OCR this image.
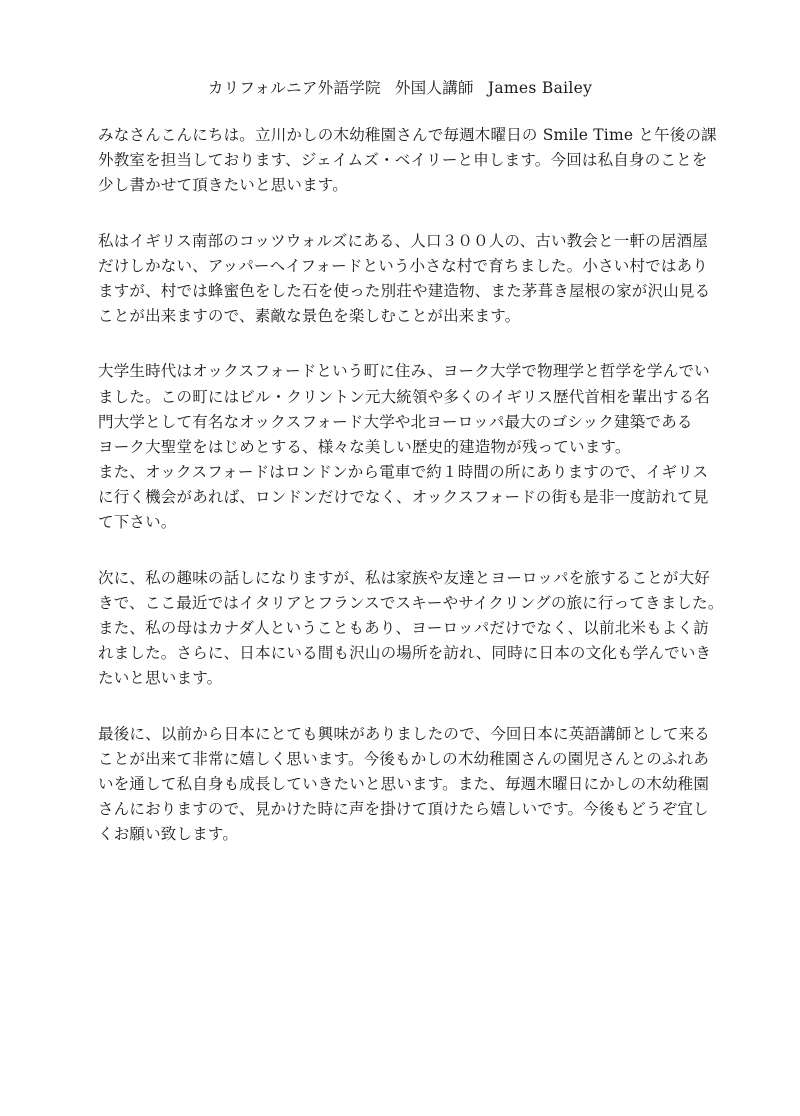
カリフォルニア外語学院 外国人講師 James Bailey
みなさんこんにちは。立川かしの木幼稚園さんで毎週木曜日の Smile Time と午後の課
外教室を担当しております、ジェイムズ・ベイリーと申します。今回は私自身のことを
少し書かせて頂きたいと思います。
私はイギリス南部のコッツウォルズにある、人口３００人の、古い教会と一軒の居酒屋
だけしかない、アッパーヘイフォードという小さな村で育ちました。小さい村ではあり
ますが、村では蜂蜜色をした石を使った別荘や建造物、また茅葺き屋根の家が沢山見る
ことが出来ますので、素敵な景色を楽しむことが出来ます。
大学生時代はオックスフォードという町に住み、ヨーク大学で物理学と哲学を学んでい
ました。この町にはビル・クリントン元大統領や多くのイギリス歴代首相を輩出する名
門大学として有名なオックスフォード大学や北ヨーロッパ最大のゴシック建築である
ヨーク大聖堂をはじめとする、様々な美しい歴史的建造物が残っています。
また、オックスフォードはロンドンから電車で約１時間の所にありますので、イギリス
に行く機会があれば、ロンドンだけでなく、オックスフォードの街も是非一度訪れて見
て下さい。
次に、私の趣味の話しになりますが、私は家族や友達とヨーロッパを旅することが大好
きで、ここ最近ではイタリアとフランスでスキーやサイクリングの旅に行ってきました。
また、私の母はカナダ人ということもあり、ヨーロッパだけでなく、以前北米もよく訪
れました。さらに、日本にいる間も沢山の場所を訪れ、同時に日本の文化も学んでいき
たいと思います。
最後に、以前から日本にとても興味がありましたので、今回日本に英語講師として来る
ことが出来て非常に嬉しく思います。今後もかしの木幼稚園さんの園児さんとのふれあ
いを通して私自身も成長していきたいと思います。また、毎週木曜日にかしの木幼稚園
さんにおりますので、見かけた時に声を掛けて頂けたら嬉しいです。今後もどうぞ宜し
くお願い致します。
